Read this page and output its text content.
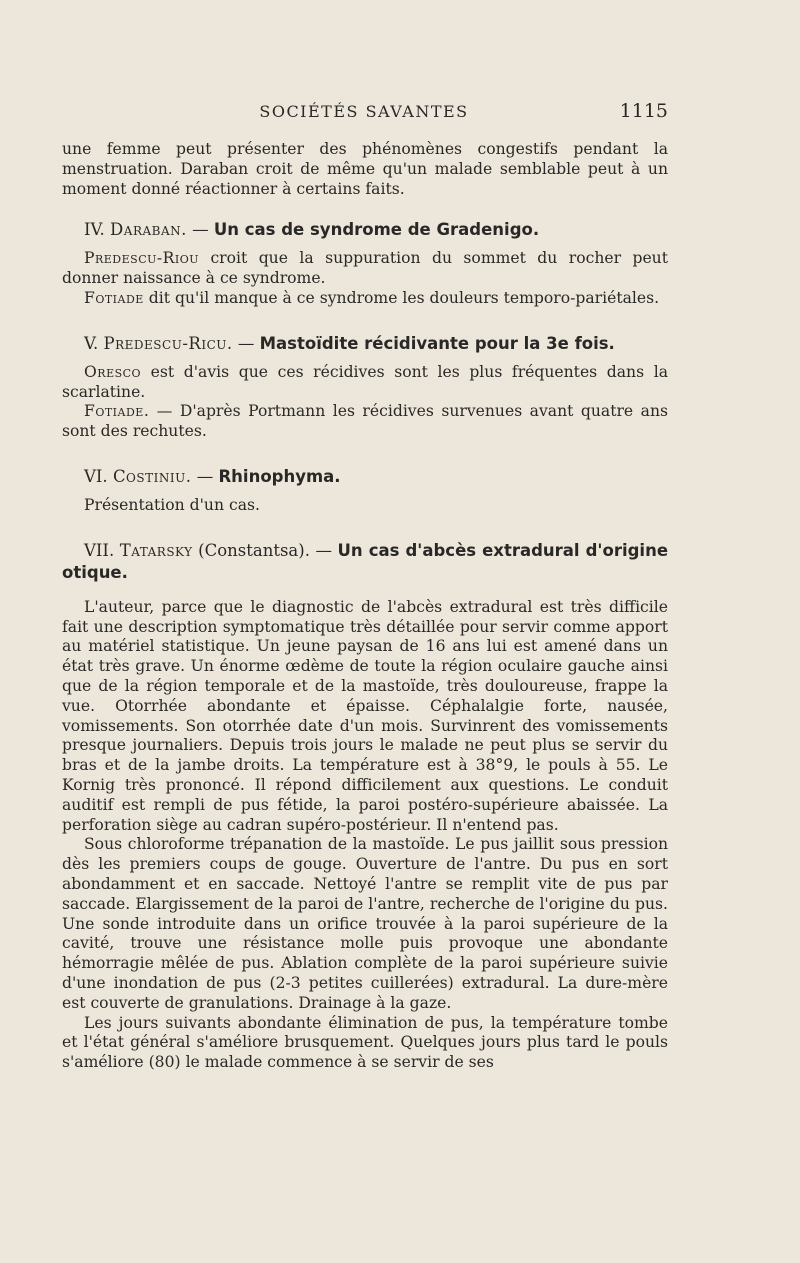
SOCIÉTÉS SAVANTES	1115

une femme peut présenter des phénomènes congestifs pendant la menstruation. Daraban croit de même qu'un malade semblable peut à un moment donné réactionner à certains faits.

IV. Daraban. — Un cas de syndrome de Gradenigo.

Predescu-Riou croit que la suppuration du sommet du rocher peut donner naissance à ce syndrome.

Fotiade dit qu'il manque à ce syndrome les douleurs temporo-pariétales.

V. Predescu-Ricu. — Mastoïdite récidivante pour la 3e fois.

Oresco est d'avis que ces récidives sont les plus fréquentes dans la scarlatine.

Fotiade. — D'après Portmann les récidives survenues avant quatre ans sont des rechutes.

VI. Costiniu. — Rhinophyma.

Présentation d'un cas.

VII. Tatarsky (Constantsa). — Un cas d'abcès extradural d'origine otique.

L'auteur, parce que le diagnostic de l'abcès extradural est très difficile fait une description symptomatique très détaillée pour servir comme apport au matériel statistique. Un jeune paysan de 16 ans lui est amené dans un état très grave. Un énorme œdème de toute la région oculaire gauche ainsi que de la région temporale et de la mastoïde, très douloureuse, frappe la vue. Otorrhée abondante et épaisse. Céphalalgie forte, nausée, vomissements. Son otorrhée date d'un mois. Survinrent des vomissements presque journaliers. Depuis trois jours le malade ne peut plus se servir du bras et de la jambe droits. La température est à 38°9, le pouls à 55. Le Kornig très prononcé. Il répond difficilement aux questions. Le conduit auditif est rempli de pus fétide, la paroi postéro-supérieure abaissée. La perforation siège au cadran supéro-postérieur. Il n'entend pas.

Sous chloroforme trépanation de la mastoïde. Le pus jaillit sous pression dès les premiers coups de gouge. Ouverture de l'antre. Du pus en sort abondamment et en saccade. Nettoyé l'antre se remplit vite de pus par saccade. Elargissement de la paroi de l'antre, recherche de l'origine du pus. Une sonde introduite dans un orifice trouvée à la paroi supérieure de la cavité, trouve une résistance molle puis provoque une abondante hémorragie mêlée de pus. Ablation complète de la paroi supérieure suivie d'une inondation de pus (2-3 petites cuillerées) extradural. La dure-mère est couverte de granulations. Drainage à la gaze.

Les jours suivants abondante élimination de pus, la température tombe et l'état général s'améliore brusquement. Quelques jours plus tard le pouls s'améliore (80) le malade commence à se servir de ses
